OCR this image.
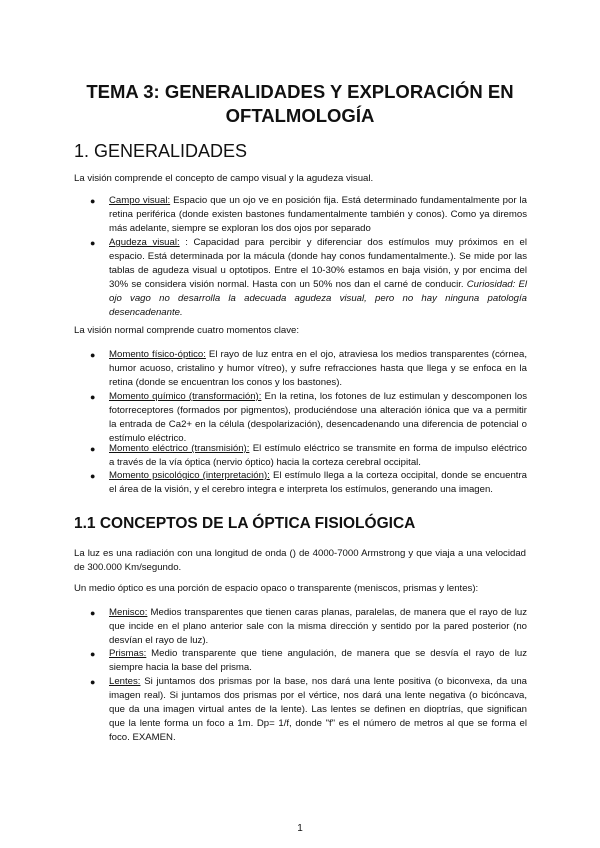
TEMA 3: GENERALIDADES Y EXPLORACIÓN EN OFTALMOLOGÍA
1. GENERALIDADES

La visión comprende el concepto de campo visual y la agudeza visual.

● Campo visual: Espacio que un ojo ve en posición fija. Está determinado fundamentalmente por la retina periférica (donde existen bastones fundamentalmente también y conos). Como ya diremos más adelante, siempre se exploran los dos ojos por separado
● Agudeza visual: : Capacidad para percibir y diferenciar dos estímulos muy próximos en el espacio. Está determinada por la mácula (donde hay conos fundamentalmente.). Se mide por las tablas de agudeza visual u optotipos. Entre el 10-30% estamos en baja visión, y por encima del 30% se considera visión normal. Hasta con un 50% nos dan el carné de conducir. Curiosidad: El ojo vago no desarrolla la adecuada agudeza visual, pero no hay ninguna patología desencadenante.

La visión normal comprende cuatro momentos clave:

● Momento físico-óptico: El rayo de luz entra en el ojo, atraviesa los medios transparentes (córnea, humor acuoso, cristalino y humor vítreo), y sufre refracciones hasta que llega y se enfoca en la retina (donde se encuentran los conos y los bastones).
● Momento químico (transformación): En la retina, los fotones de luz estimulan y descomponen los fotorreceptores (formados por pigmentos), produciéndose una alteración iónica que va a permitir la entrada de Ca2+ en la célula (despolarización), desencadenando una diferencia de potencial o estímulo eléctrico.
● Momento eléctrico (transmisión): El estímulo eléctrico se transmite en forma de impulso eléctrico a través de la vía óptica (nervio óptico) hacia la corteza cerebral occipital.
● Momento psicológico (interpretación): El estímulo llega a la corteza occipital, donde se encuentra el área de la visión, y el cerebro integra e interpreta los estímulos, generando una imagen.
1.1 CONCEPTOS DE LA ÓPTICA FISIOLÓGICA

La luz es una radiación con una longitud de onda () de 4000-7000 Armstrong y que viaja a una velocidad de 300.000 Km/segundo.

Un medio óptico es una porción de espacio opaco o transparente (meniscos, prismas y lentes):

● Menisco: Medios transparentes que tienen caras planas, paralelas, de manera que el rayo de luz que incide en el plano anterior sale con la misma dirección y sentido por la pared posterior (no desvían el rayo de luz).
● Prismas: Medio transparente que tiene angulación, de manera que se desvía el rayo de luz siempre hacia la base del prisma.
● Lentes: Si juntamos dos prismas por la base, nos dará una lente positiva (o biconvexa, da una imagen real). Si juntamos dos prismas por el vértice, nos dará una lente negativa (o bicóncava, que da una imagen virtual antes de la lente). Las lentes se definen en dioptrías, que significan que la lente forma un foco a 1m. Dp= 1/f, donde "f" es el número de metros al que se forma el foco. EXAMEN.
1
